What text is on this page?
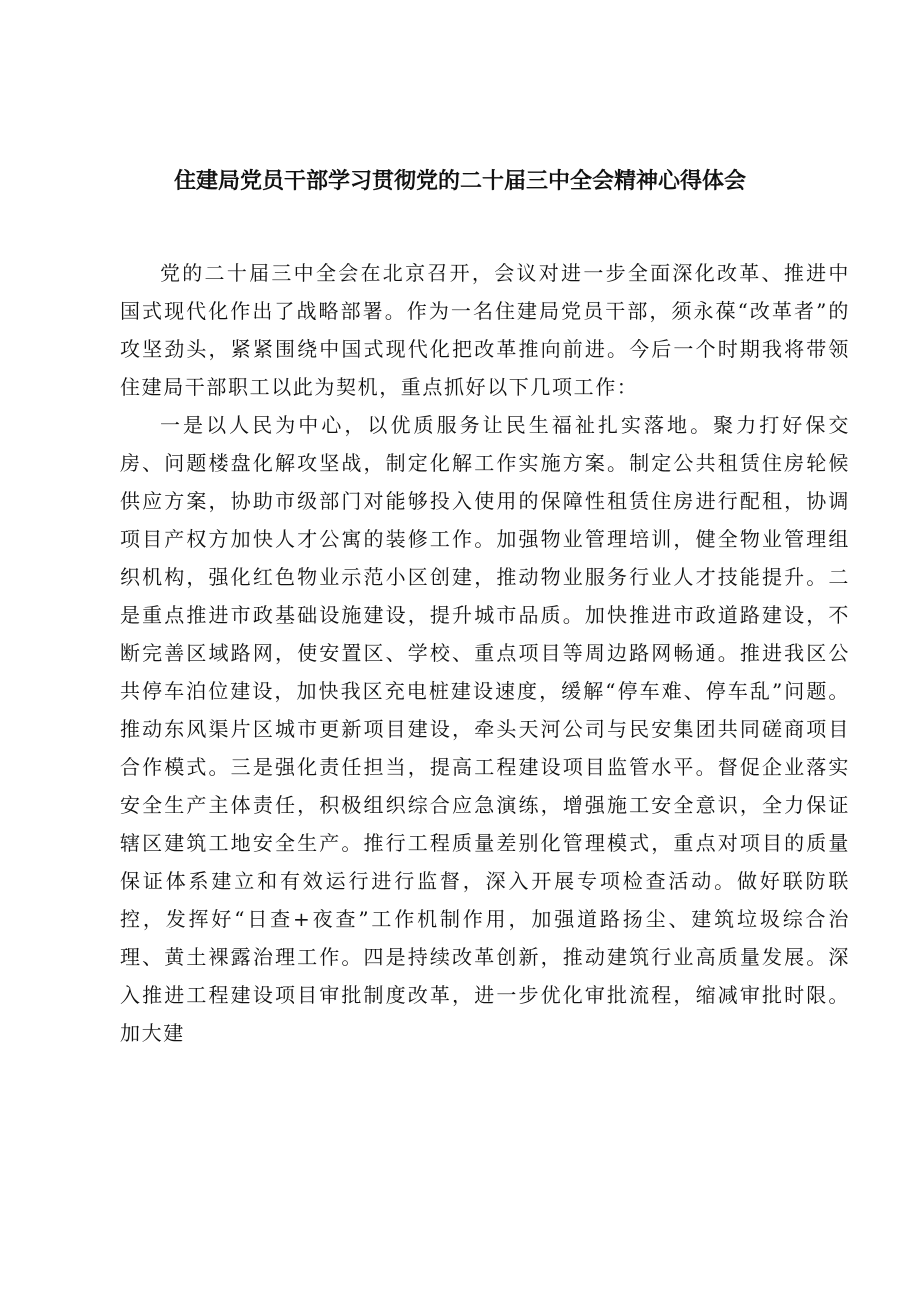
住建局党员干部学习贯彻党的二十届三中全会精神心得体会

党的二十届三中全会在北京召开，会议对进一步全面深化改革、推进中国式现代化作出了战略部署。作为一名住建局党员干部，须永葆“改革者”的攻坚劲头，紧紧围绕中国式现代化把改革推向前进。今后一个时期我将带领住建局干部职工以此为契机，重点抓好以下几项工作：

一是以人民为中心，以优质服务让民生福祉扎实落地。聚力打好保交房、问题楼盘化解攻坚战，制定化解工作实施方案。制定公共租赁住房轮候供应方案，协助市级部门对能够投入使用的保障性租赁住房进行配租，协调项目产权方加快人才公寓的装修工作。加强物业管理培训，健全物业管理组织机构，强化红色物业示范小区创建，推动物业服务行业人才技能提升。二是重点推进市政基础设施建设，提升城市品质。加快推进市政道路建设，不断完善区域路网，使安置区、学校、重点项目等周边路网畅通。推进我区公共停车泊位建设，加快我区充电桩建设速度，缓解“停车难、停车乱”问题。推动东风渠片区城市更新项目建设，牵头天河公司与民安集团共同磋商项目合作模式。三是强化责任担当，提高工程建设项目监管水平。督促企业落实安全生产主体责任，积极组织综合应急演练，增强施工安全意识，全力保证辖区建筑工地安全生产。推行工程质量差别化管理模式，重点对项目的质量保证体系建立和有效运行进行监督，深入开展专项检查活动。做好联防联控，发挥好“日查+夜查”工作机制作用，加强道路扬尘、建筑垃圾综合治理、黄土裸露治理工作。四是持续改革创新，推动建筑行业高质量发展。深入推进工程建设项目审批制度改革，进一步优化审批流程，缩减审批时限。加大建
